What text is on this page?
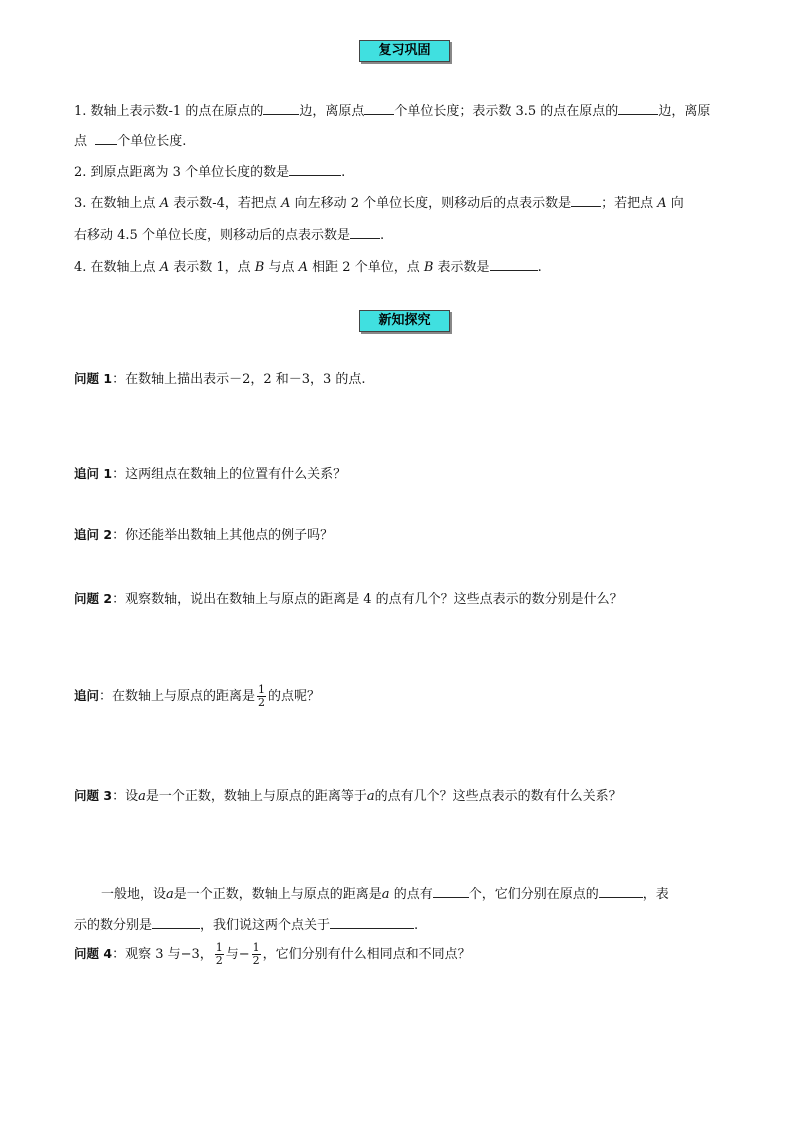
复习巩固
1. 数轴上表示数-1 的点在原点的	边，离原点 个单位长度；表示数 3.5 的点在原点的	边，离原
点 个单位长度.
2. 到原点距离为 3 个单位长度的数是	.
3. 在数轴上点 A 表示数-4，若把点 A 向左移动 2 个单位长度，则移动后的点表示数是 ；若把点 A 向
右移动 4.5 个单位长度，则移动后的点表示数是 .
4. 在数轴上点 A 表示数 1，点 B 与点 A 相距 2 个单位，点 B 表示数是	.
新知探究
问题 1：在数轴上描出表示－2，2 和－3，3 的点.
追问 1：这两组点在数轴上的位置有什么关系？
追问 2：你还能举出数轴上其他点的例子吗？
问题 2：观察数轴，说出在数轴上与原点的距离是 4 的点有几个？这些点表示的数分别是什么？
追问：在数轴上与原点的距离是 $\frac{1}{2}$ 的点呢？
问题 3：设a是一个正数，数轴上与原点的距离等于a的点有几个？这些点表示的数有什么关系？
一般地，设a是一个正数，数轴上与原点的距离是a 的点有	个，它们分别在原点的	，表
示的数分别是	，我们说这两个点关于	.
问题 4：观察 3 与−3， $\frac{1}{2}$ 与− $\frac{1}{2}$ ，它们分别有什么相同点和不同点？
